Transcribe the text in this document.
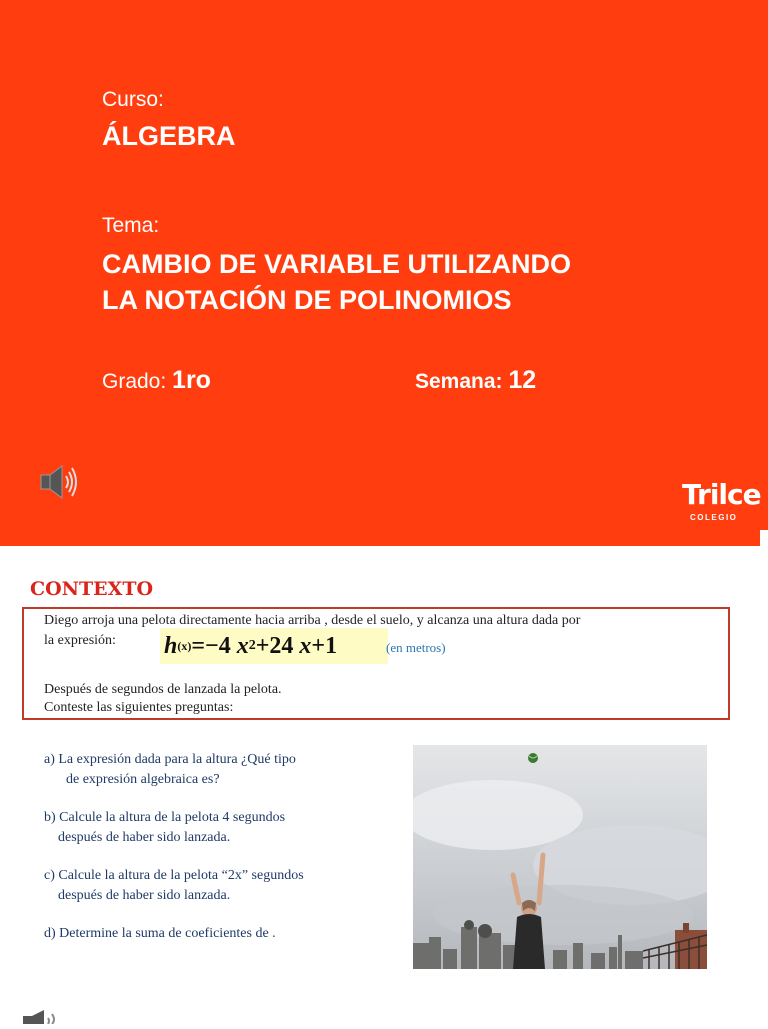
Curso:
ÁLGEBRA
Tema:
CAMBIO DE VARIABLE UTILIZANDO
LA NOTACIÓN DE POLINOMIOS
Grado: 1ro	Semana: 12
Trilce
COLEGIO
CONTEXTO
Diego arroja una pelota directamente hacia arriba , desde el suelo, y alcanza una altura dada por
la expresión: h (x) =−4
x 2 +24
x +1	(en metros)
Después de segundos de lanzada la pelota.
Conteste las siguientes preguntas:
a) La expresión dada para la altura ¿Qué tipo
de expresión algebraica es?
b) Calcule la altura de la pelota 4 segundos
después de haber sido lanzada.
c) Calcule la altura de la pelota “2x” segundos
después de haber sido lanzada.
d) Determine la suma de coeficientes de .
